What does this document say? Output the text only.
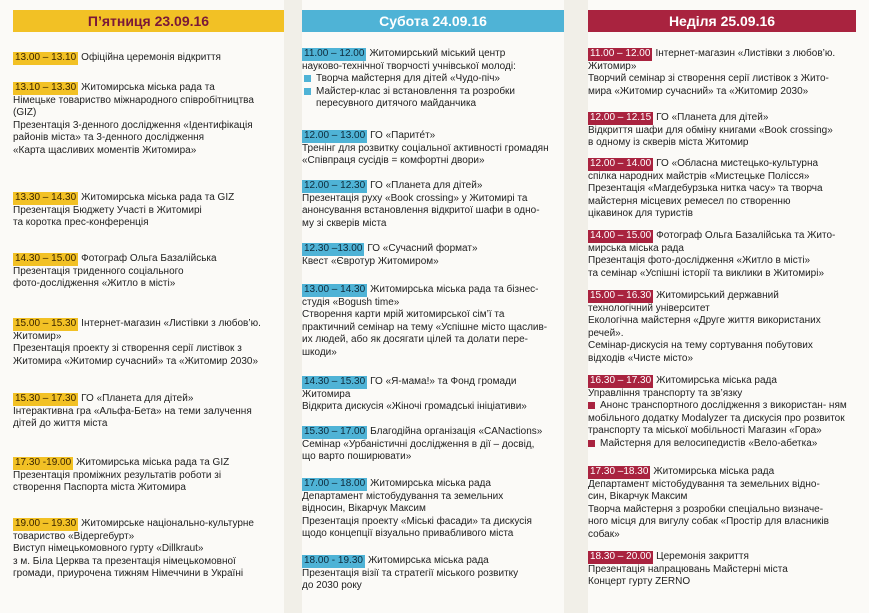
П’ятниця 23.09.16

13.00 – 13.10 Офіційна церемонія відкриття

13.10 – 13.30 Житомирська міська рада та

Німецьке товариство міжнародного співробітництва

(GIZ)

Презентація 3-денного дослідження «Ідентифікація

районів міста» та 3-денного дослідження

«Карта щасливих моментів Житомира»

13.30 – 14.30 Житомирська міська рада та GIZ

Презентація Бюджету Участі в Житомирі

та коротка прес-конференція

14.30 – 15.00 Фотограф Ольга Базалійська

Презентація триденного соціального

фото-дослідження «Житло в місті»

15.00 – 15.30 Інтернет-магазин «Листівки з любов’ю.

Житомир»

Презентація проекту зі створення серії листівок з

Житомира «Житомир сучасний» та «Житомир 2030»

15.30 – 17.30 ГО «Планета для дітей»

Інтерактивна гра «Альфа-Бета» на теми залучення

дітей до життя міста

17.30 -19.00 Житомирська міська рада та GIZ

Презентація проміжних результатів роботи зі

створення Паспорта міста Житомира

19.00 – 19.30 Житомирське національно-культурне

товариство «Відергебурт»

Виступ німецькомовного гурту «Dillkraut»

з м. Біла Церква та презентація німецькомовної

громади, приурочена тижням Німеччини в Україні

Субота 24.09.16

11.00 – 12.00 Житомирський міський центр

науково-технічної творчості учнівської молоді:

Творча майстерня для дітей «Чудо-піч»

Майстер-клас зі встановлення та розробки пересувного дитячого майданчика

12.00 – 13.00 ГО «Парите́т»

Тренінг для розвитку соціальної активності громадян

«Співпраця сусідів = комфортні двори»

12.00 – 12.30 ГО «Планета для дітей»

Презентація руху «Book crossing» у Житомирі та

анонсування встановлення відкритої шафи в одно-

му зі скверів міста

12.30 –13.00 ГО «Сучасний формат»

Квест «Євротур Житомиром»

13.00 – 14.30 Житомирська міська рада та бізнес-

студія «Bogush time»

Створення карти мрій житомирської сім’ї та

практичний семінар на тему «Успішне місто щаслив-

их людей, або як досягати цілей та долати пере-

шкоди»

14.30 – 15.30 ГО «Я-мама!» та Фонд громади

Житомира

Відкрита дискусія «Жіночі громадські ініціативи»

15.30 – 17.00 Благодійна організація «CANactions»

Семінар «Урбаністичні дослідження в дії – досвід,

що варто поширювати»

17.00 – 18.00 Житомирська міська рада

Департамент містобудування та земельних

відносин, Вікарчук Максим

Презентація проекту «Міські фасади» та дискусія

щодо концепції візуально привабливого міста

18.00 - 19.30 Житомирська міська рада

Презентація візії та стратегії міського розвитку

до 2030 року

Неділя 25.09.16

11.00 – 12.00 Інтернет-магазин «Листівки з любов’ю.

Житомир»

Творчий семінар зі створення серії листівок з Жито-

мира «Житомир сучасний» та «Житомир 2030»

12.00 – 12.15 ГО «Планета для дітей»

Відкриття шафи для обміну книгами «Book crossing»

в одному із скверів міста Житомир

12.00 – 14.00 ГО «Обласна мистецько-культурна

спілка народних майстрів «Мистецьке Полісся»

Презентація «Магдебурзька нитка часу» та творча

майстерня місцевих ремесел по створенню

цікавинок для туристів

14.00 – 15.00 Фотограф Ольга Базалійська та Жито-

мирська міська рада

Презентація фото-дослідження «Житло в місті»

та семінар «Успішні історії та виклики в Житомирі»

15.00 – 16.30 Житомирський державний

технологічний університет

Екологічна майстерня «Друге життя використаних

речей».

Семінар-дискусія на тему сортування побутових

відходів «Чисте місто»

16.30 – 17.30 Житомирська міська рада

Управління транспорту та зв’язку

Анонс транспортного дослідження з використан- ням мобільного додатку Modalyzer та дискусія про розвиток транспорту та міської мобільності Магазин «Гора»

Майстерня для велосипедистів «Вело-абетка»

17.30 –18.30 Житомирська міська рада

Департамент містобудування та земельних відно-

син, Вікарчук Максим

Творча майстерня з розробки спеціально визначе-

ного місця для вигулу собак «Простір для власників

собак»

18.30 – 20.00 Церемонія закриття

Презентація напрацювань Майстерні міста

Концерт гурту ZERNO
